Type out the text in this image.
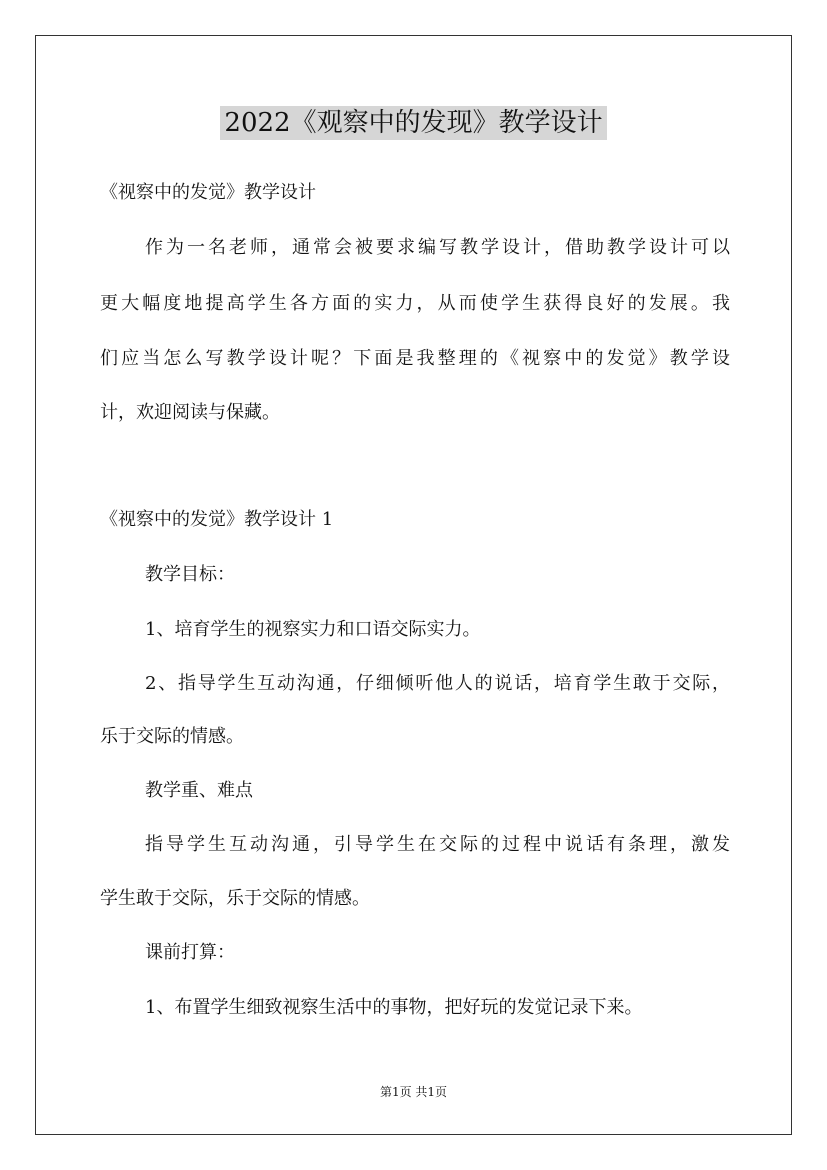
2022《观察中的发现》教学设计
《视察中的发觉》教学设计
作为一名老师，通常会被要求编写教学设计，借助教学设计可以
更大幅度地提高学生各方面的实力，从而使学生获得良好的发展。我
们应当怎么写教学设计呢？下面是我整理的《视察中的发觉》教学设
计，欢迎阅读与保藏。
《视察中的发觉》教学设计 1
教学目标：
1、培育学生的视察实力和口语交际实力。
2、指导学生互动沟通，仔细倾听他人的说话，培育学生敢于交际，
乐于交际的情感。
教学重、难点
指导学生互动沟通，引导学生在交际的过程中说话有条理，激发
学生敢于交际，乐于交际的情感。
课前打算：
1、布置学生细致视察生活中的事物，把好玩的发觉记录下来。
第1页 共1页
